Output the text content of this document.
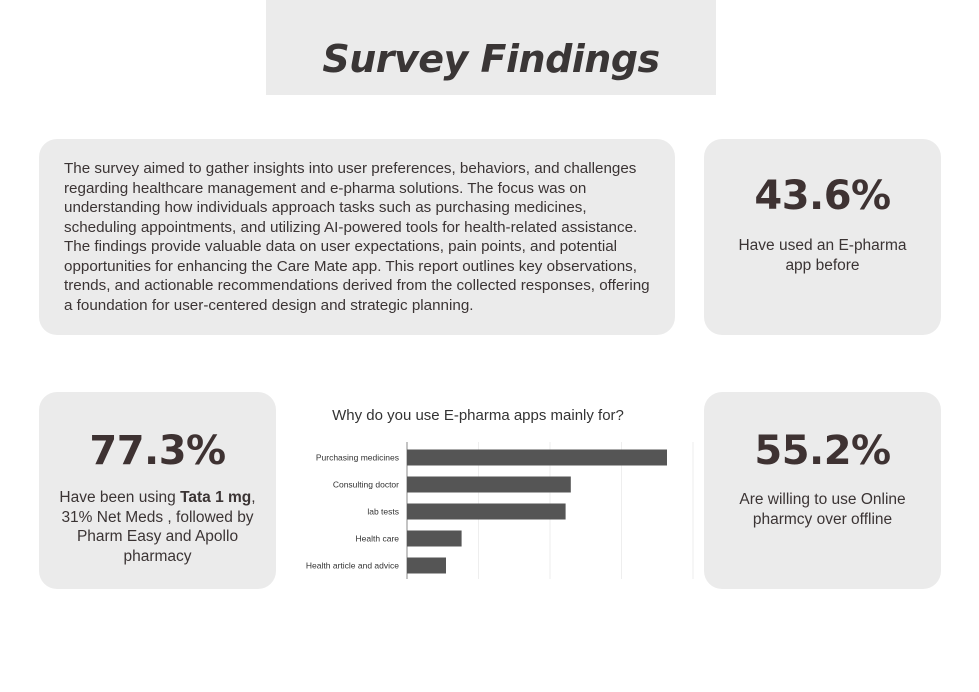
Survey Findings
The survey aimed to gather insights into user preferences, behaviors, and challenges regarding healthcare management and e-pharma solutions. The focus was on understanding how individuals approach tasks such as purchasing medicines, scheduling appointments, and utilizing AI-powered tools for health-related assistance. The findings provide valuable data on user expectations, pain points, and potential opportunities for enhancing the Care Mate app. This report outlines key observations, trends, and actionable recommendations derived from the collected responses, offering a foundation for user-centered design and strategic planning.
43.6%
Have used an E-pharma app before
77.3%
Have been using Tata 1 mg, 31% Net Meds , followed by Pharm Easy and Apollo pharmacy
Why do you use E-pharma apps mainly for?
Purchasing medicines
Consulting doctor
lab tests
Health care
Health article and advice
55.2%
Are willing to use Online pharmcy over offline
